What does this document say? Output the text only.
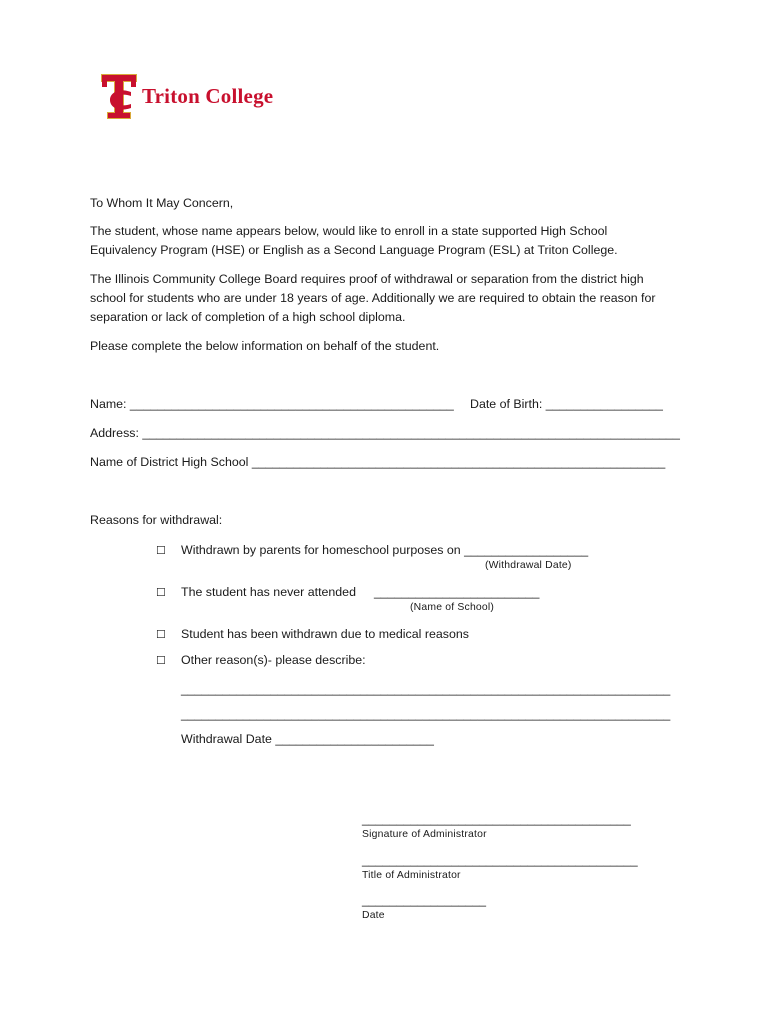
Triton College
To Whom It May Concern,
The student, whose name appears below, would like to enroll in a state supported High School
Equivalency Program (HSE) or English as a Second Language Program (ESL) at Triton College.
The Illinois Community College Board requires proof of withdrawal or separation from the district high
school for students who are under 18 years of age. Additionally we are required to obtain the reason for
separation or lack of completion of a high school diploma.
Please complete the below information on behalf of the student.
Name: _______________________________________________ Date of Birth: _________________
Address: ______________________________________________________________________________
Name of District High School ____________________________________________________________
Reasons for withdrawal:
☐ Withdrawn by parents for homeschool purposes on __________________
(Withdrawal Date)
☐ The student has never attended ________________________
(Name of School)
☐ Student has been withdrawn due to medical reasons
☐ Other reason(s)- please describe:
_______________________________________________________________________
_______________________________________________________________________
Withdrawal Date _______________________
_______________________________________
Signature of Administrator
________________________________________
Title of Administrator
__________________
Date
